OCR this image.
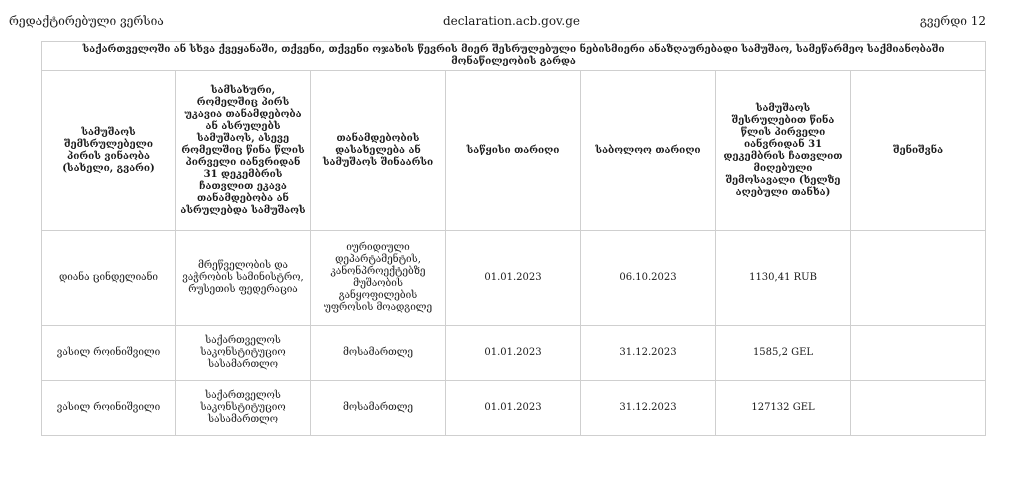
რედაქტირებული ვერსია	declaration.acb.gov.ge	გვერდი 12
საქართველოში ან სხვა ქვეყანაში, თქვენი, თქვენი ოჯახის წევრის მიერ შესრულებული ნებისმიერი ანაზღაურებადი სამუშაო, სამეწარმეო საქმიანობაში მონაწილეობის გარდა						
სამუშაოს შემსრულებელი პირის ვინაობა (სახელი, გვარი)	სამსახური, რომელშიც პირს უკავია თანამდებობა ან ასრულებს სამუშაოს, ასევე რომელშიც წინა წლის პირველი იანვრიდან 31 დეკემბრის ჩათვლით ეკავა თანამდებობა ან ასრულებდა სამუშაოს	თანამდებობის დასახელება ან სამუშაოს შინაარსი	საწყისი თარიღი	საბოლოო თარიღი	სამუშაოს შესრულებით წინა წლის პირველი იანვრიდან 31 დეკემბრის ჩათვლით მიღებული შემოსავალი (ხელზე აღებული თანხა)	შენიშვნა
დიანა ცინდელიანი	მრეწველობის და ვაჭრობის სამინისტრო, რუსეთის ფედერაცია	იურიდიული დეპარტამენტის, კანონპროექტებზე მუშაობის განყოფილების უფროსის მოადგილე	01.01.2023	06.10.2023	1130,41 RUB	
ვასილ როინიშვილი	საქართველოს საკონსტიტუციო სასამართლო	მოსამართლე	01.01.2023	31.12.2023	1585,2 GEL	
ვასილ როინიშვილი	საქართველოს საკონსტიტუციო სასამართლო	მოსამართლე	01.01.2023	31.12.2023	127132 GEL	
